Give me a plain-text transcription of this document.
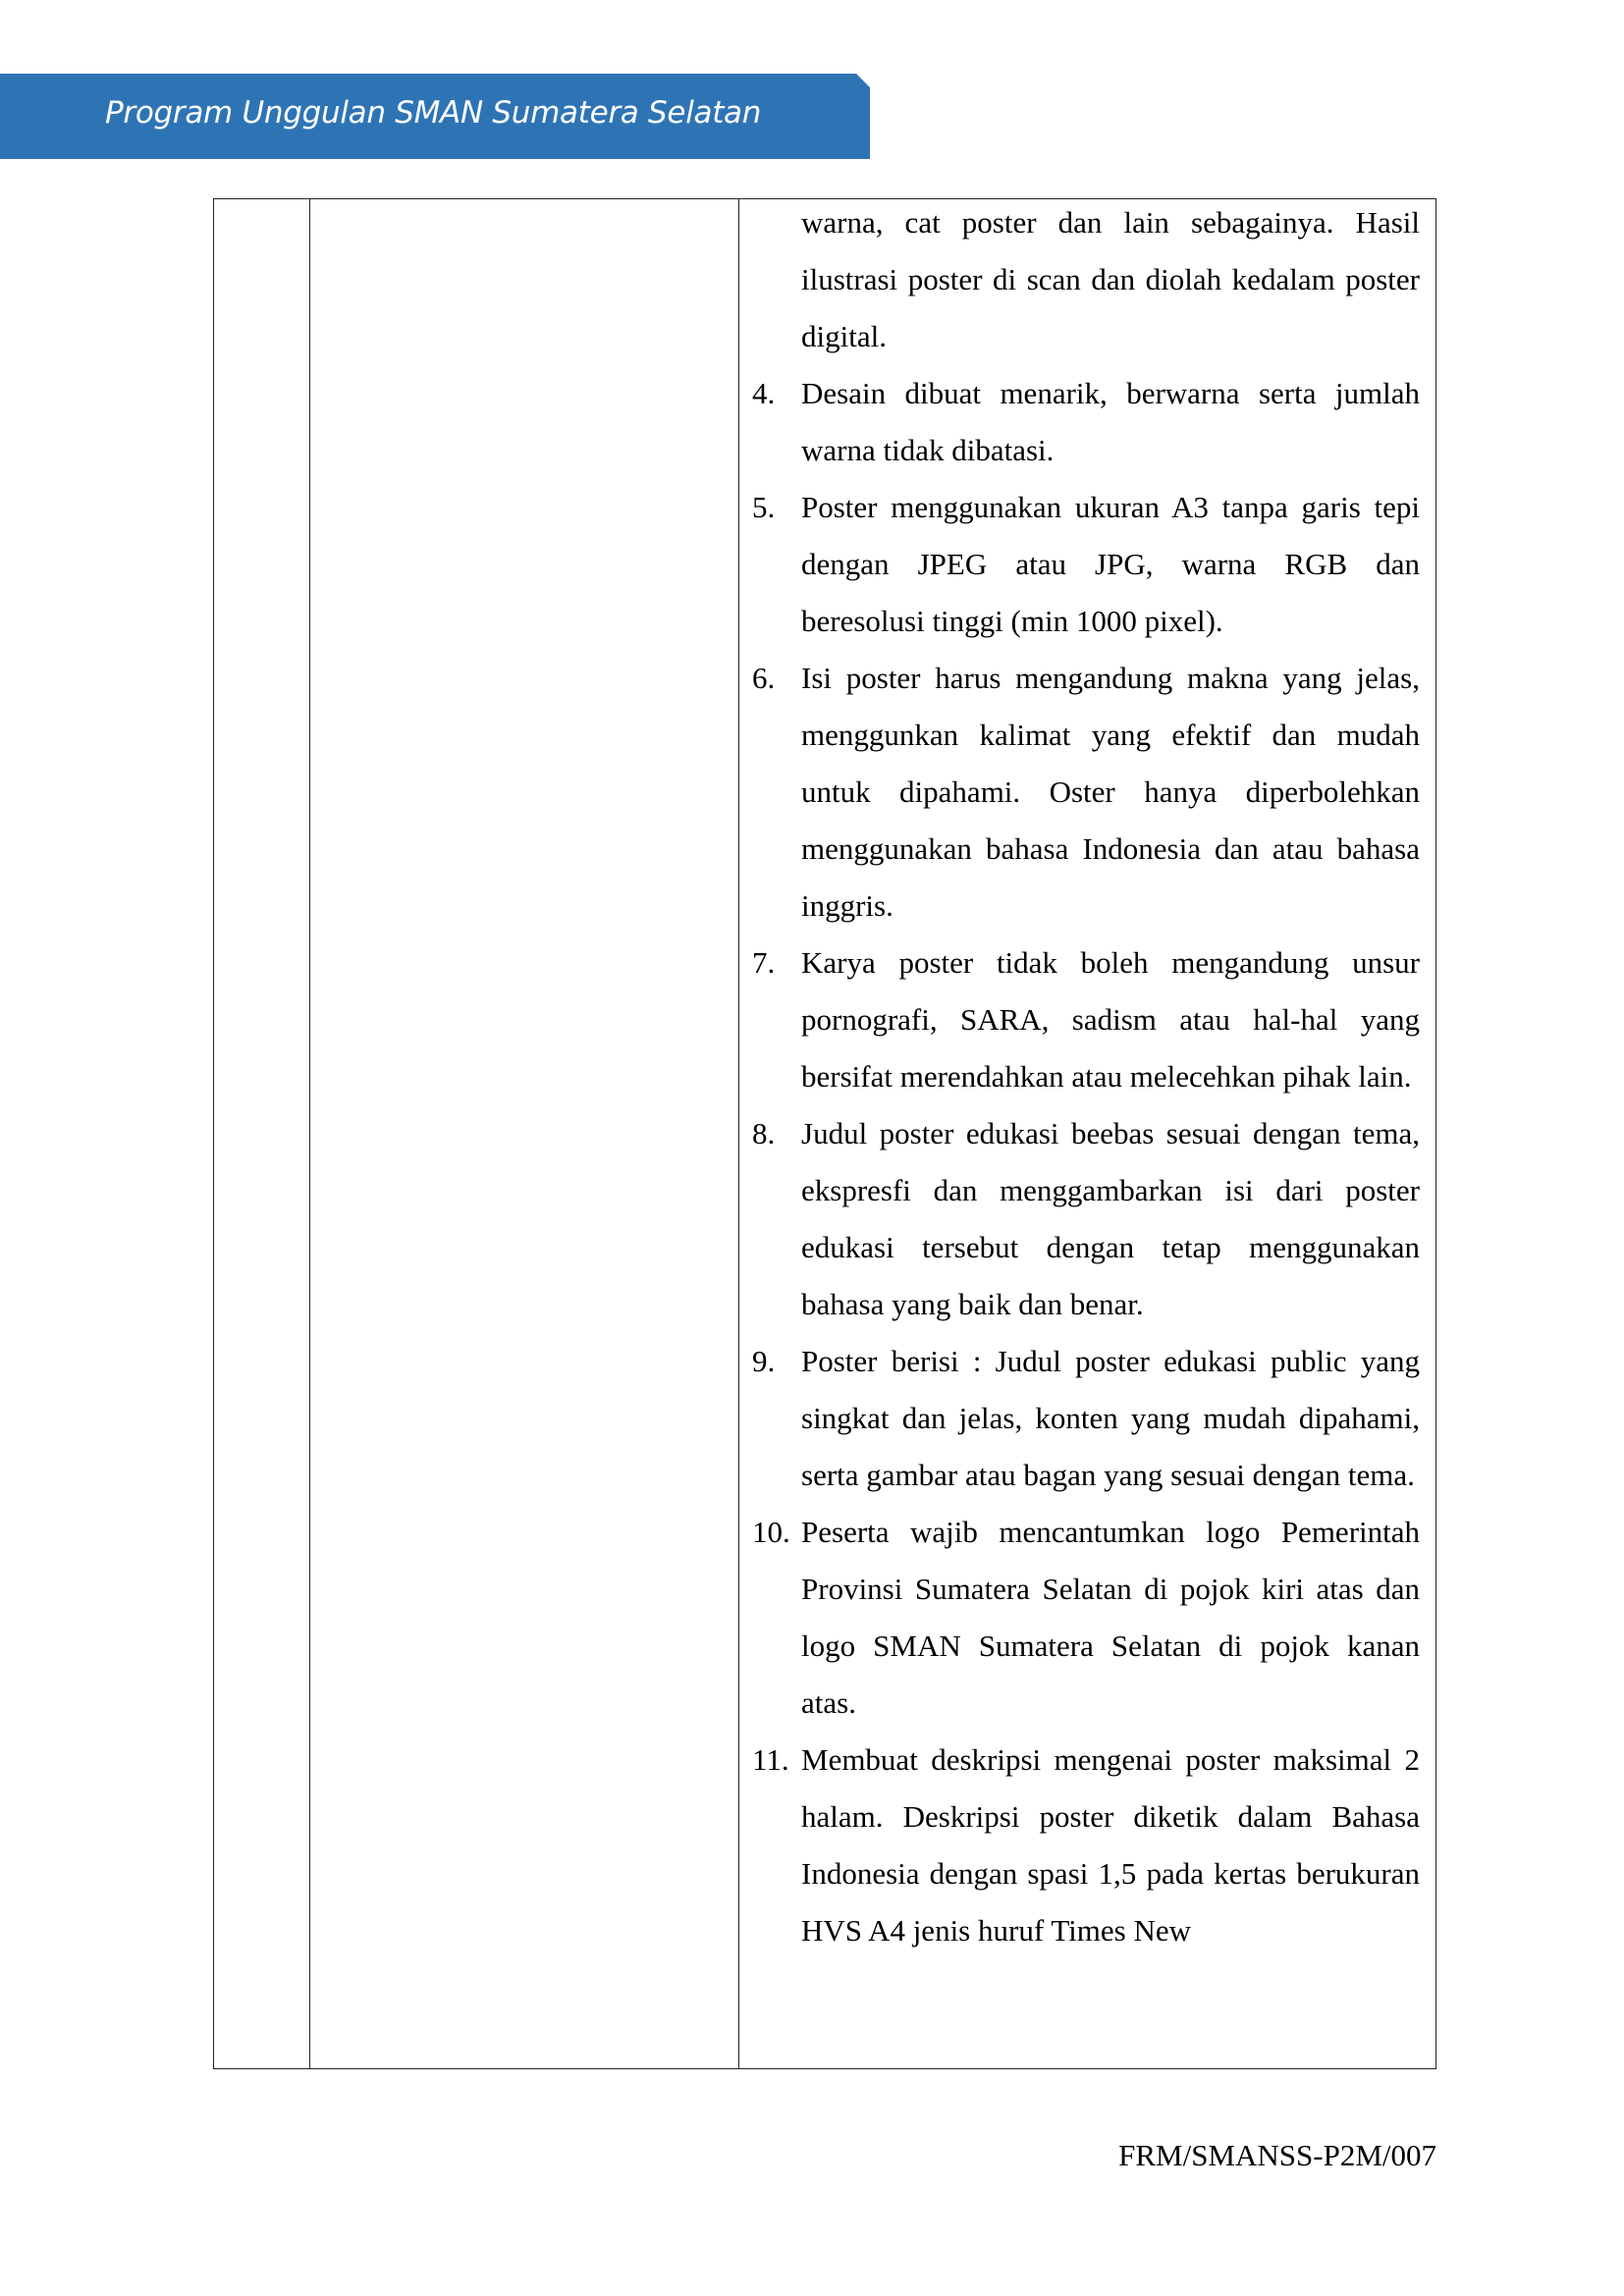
Program Unggulan SMAN Sumatera Selatan
warna, cat poster dan lain sebagainya. Hasil ilustrasi poster di scan dan diolah kedalam poster digital.
4. Desain dibuat menarik, berwarna serta jumlah warna tidak dibatasi.
5. Poster menggunakan ukuran A3 tanpa garis tepi dengan JPEG atau JPG, warna RGB dan beresolusi tinggi (min 1000 pixel).
6. Isi poster harus mengandung makna yang jelas, menggunkan kalimat yang efektif dan mudah untuk dipahami. Oster hanya diperbolehkan menggunakan bahasa Indonesia dan atau bahasa inggris.
7. Karya poster tidak boleh mengandung unsur pornografi, SARA, sadism atau hal-hal yang bersifat merendahkan atau melecehkan pihak lain.
8. Judul poster edukasi beebas sesuai dengan tema, ekspresfi dan menggambarkan isi dari poster edukasi tersebut dengan tetap menggunakan bahasa yang baik dan benar.
9. Poster berisi : Judul poster edukasi public yang singkat dan jelas, konten yang mudah dipahami, serta gambar atau bagan yang sesuai dengan tema.
10. Peserta wajib mencantumkan logo Pemerintah Provinsi Sumatera Selatan di pojok kiri atas dan logo SMAN Sumatera Selatan di pojok kanan atas.
11. Membuat deskripsi mengenai poster maksimal 2 halam. Deskripsi poster diketik dalam Bahasa Indonesia dengan spasi 1,5 pada kertas berukuran HVS A4 jenis huruf Times New
FRM/SMANSS-P2M/007
